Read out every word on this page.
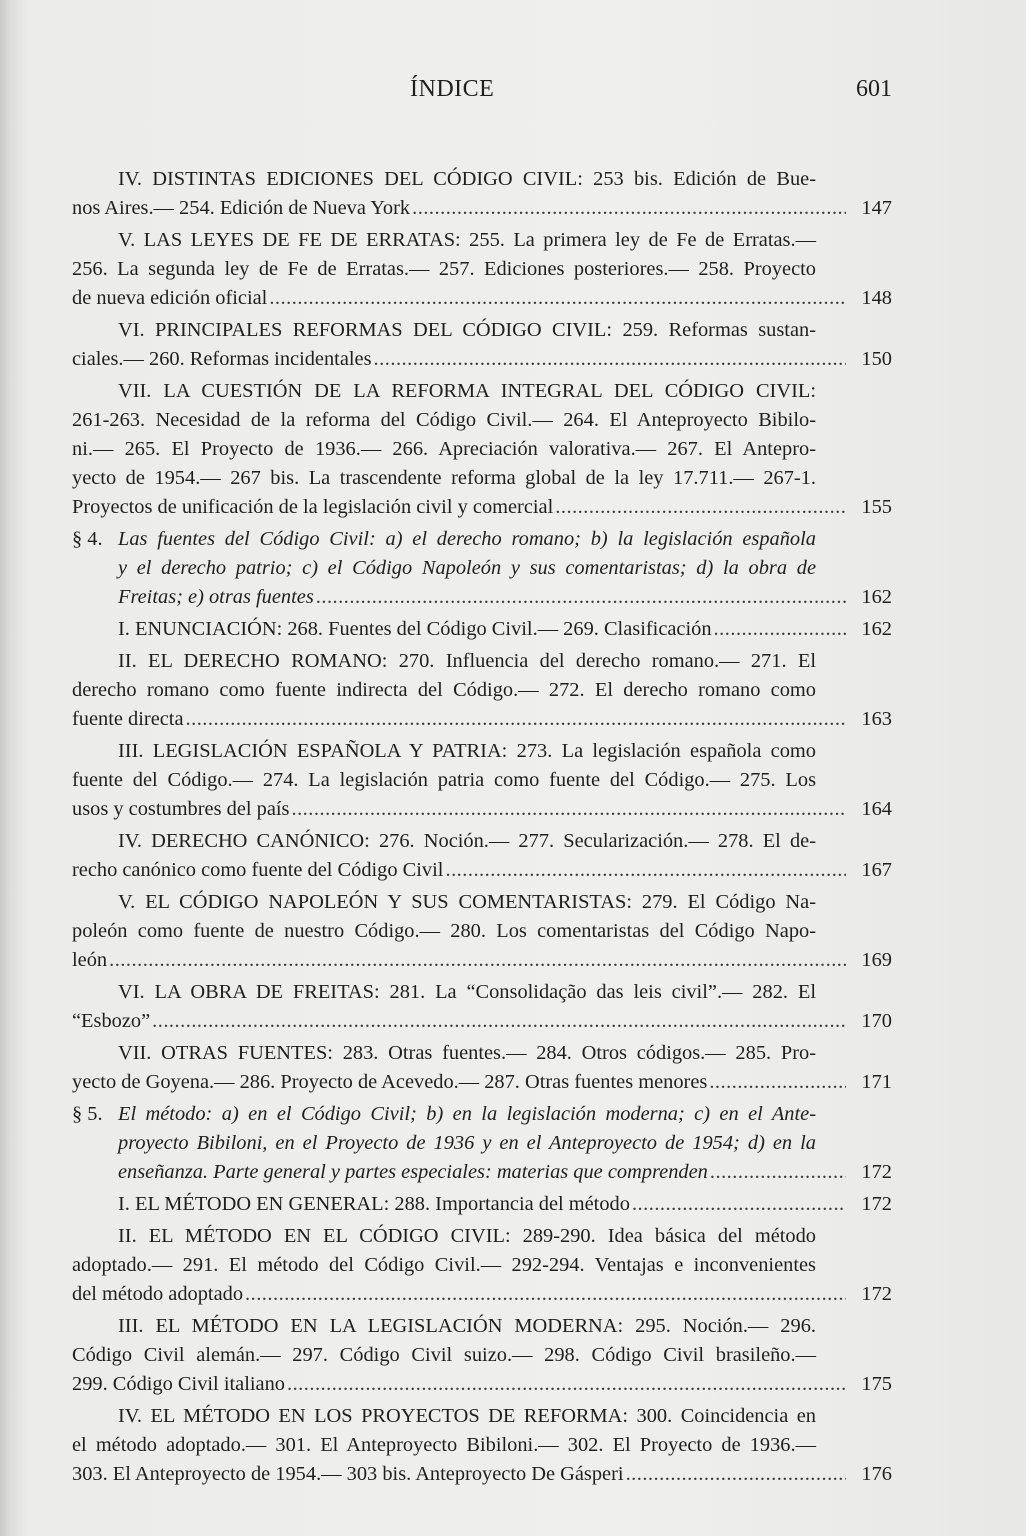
ÍNDICE	601
IV. DISTINTAS EDICIONES DEL CÓDIGO CIVIL: 253 bis. Edición de Bue-
nos Aires.— 254. Edición de Nueva York .....	147
V. LAS LEYES DE FE DE ERRATAS: 255. La primera ley de Fe de Erratas.—
256. La segunda ley de Fe de Erratas.— 257. Ediciones posteriores.— 258. Proyecto
de nueva edición oficial .....	148
VI. PRINCIPALES REFORMAS DEL CÓDIGO CIVIL: 259. Reformas sustan-
ciales.— 260. Reformas incidentales .....	150
VII. LA CUESTIÓN DE LA REFORMA INTEGRAL DEL CÓDIGO CIVIL:
261-263. Necesidad de la reforma del Código Civil.— 264. El Anteproyecto Bibilo-
ni.— 265. El Proyecto de 1936.— 266. Apreciación valorativa.— 267. El Antepro-
yecto de 1954.— 267 bis. La trascendente reforma global de la ley 17.711.— 267-1.
Proyectos de unificación de la legislación civil y comercial .....	155
§ 4. Las fuentes del Código Civil: a) el derecho romano; b) la legislación española
y el derecho patrio; c) el Código Napoleón y sus comentaristas; d) la obra de
Freitas; e) otras fuentes .....	162
I. ENUNCIACIÓN: 268. Fuentes del Código Civil.— 269. Clasificación .....	162
II. EL DERECHO ROMANO: 270. Influencia del derecho romano.— 271. El
derecho romano como fuente indirecta del Código.— 272. El derecho romano como
fuente directa .....	163
III. LEGISLACIÓN ESPAÑOLA Y PATRIA: 273. La legislación española como
fuente del Código.— 274. La legislación patria como fuente del Código.— 275. Los
usos y costumbres del país .....	164
IV. DERECHO CANÓNICO: 276. Noción.— 277. Secularización.— 278. El de-
recho canónico como fuente del Código Civil .....	167
V. EL CÓDIGO NAPOLEÓN Y SUS COMENTARISTAS: 279. El Código Na-
poleón como fuente de nuestro Código.— 280. Los comentaristas del Código Napo-
león .....	169
VI. LA OBRA DE FREITAS: 281. La “Consolidação das leis civil”.— 282. El
“Esbozo” .....	170
VII. OTRAS FUENTES: 283. Otras fuentes.— 284. Otros códigos.— 285. Pro-
yecto de Goyena.— 286. Proyecto de Acevedo.— 287. Otras fuentes menores .....	171
§ 5. El método: a) en el Código Civil; b) en la legislación moderna; c) en el Ante-
proyecto Bibiloni, en el Proyecto de 1936 y en el Anteproyecto de 1954; d) en la
enseñanza. Parte general y partes especiales: materias que comprenden .....	172
I. EL MÉTODO EN GENERAL: 288. Importancia del método .....	172
II. EL MÉTODO EN EL CÓDIGO CIVIL: 289-290. Idea básica del método
adoptado.— 291. El método del Código Civil.— 292-294. Ventajas e inconvenientes
del método adoptado .....	172
III. EL MÉTODO EN LA LEGISLACIÓN MODERNA: 295. Noción.— 296.
Código Civil alemán.— 297. Código Civil suizo.— 298. Código Civil brasileño.—
299. Código Civil italiano .....	175
IV. EL MÉTODO EN LOS PROYECTOS DE REFORMA: 300. Coincidencia en
el método adoptado.— 301. El Anteproyecto Bibiloni.— 302. El Proyecto de 1936.—
303. El Anteproyecto de 1954.— 303 bis. Anteproyecto De Gásperi .....	176
